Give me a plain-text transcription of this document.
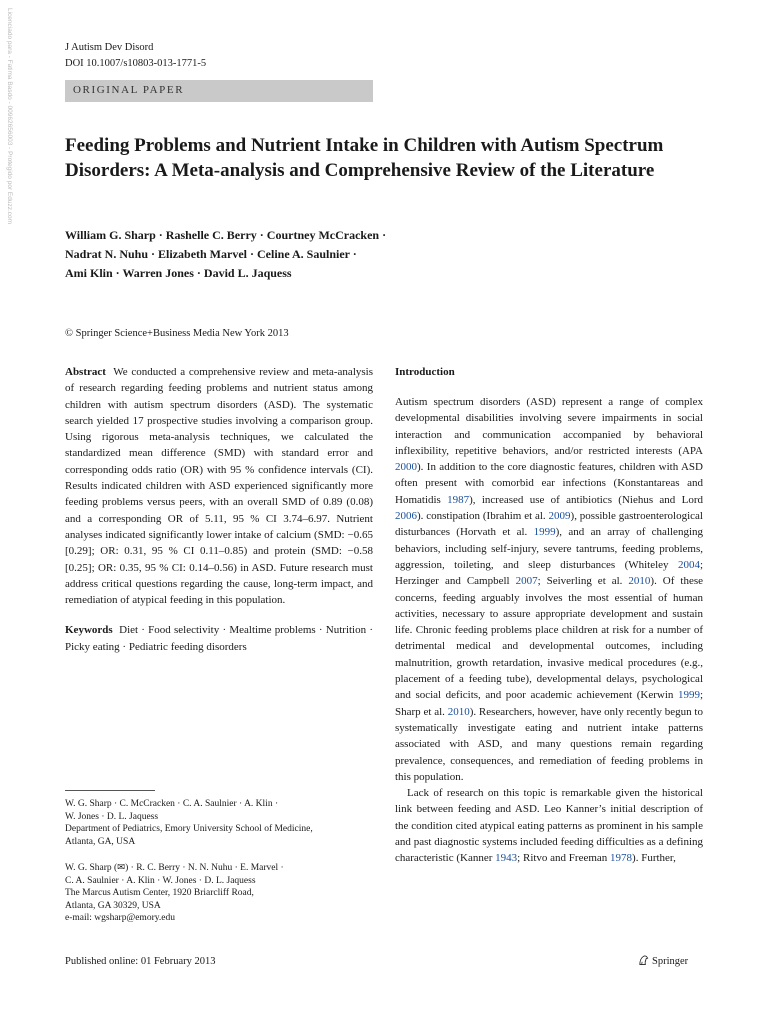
Licenciado para - Fatima Basdo - 00962656003 - Protegido por Eduzz.com	J Autism Dev Disord
DOI 10.1007/s10803-013-1771-5
ORIGINAL PAPER
Feeding Problems and Nutrient Intake in Children with Autism Spectrum Disorders: A Meta-analysis and Comprehensive Review of the Literature
William G. Sharp · Rashelle C. Berry · Courtney McCracken ·
Nadrat N. Nuhu · Elizabeth Marvel · Celine A. Saulnier ·
Ami Klin · Warren Jones · David L. Jaquess
© Springer Science+Business Media New York 2013

Abstract We conducted a comprehensive review and meta-analysis of research regarding feeding problems and nutrient status among children with autism spectrum disorders (ASD). The systematic search yielded 17 prospective studies involving a comparison group. Using rigorous meta-analysis techniques, we calculated the standardized mean difference (SMD) with standard error and corresponding odds ratio (OR) with 95 % confidence intervals (CI). Results indicated children with ASD experienced significantly more feeding problems versus peers, with an overall SMD of 0.89 (0.08) and a corresponding OR of 5.11, 95 % CI 3.74–6.97. Nutrient analyses indicated significantly lower intake of calcium (SMD: −0.65 [0.29]; OR: 0.31, 95 % CI 0.11–0.85) and protein (SMD: −0.58 [0.25]; OR: 0.35, 95 % CI: 0.14–0.56) in ASD. Future research must address critical questions regarding the cause, long-term impact, and remediation of atypical feeding in this population.

Keywords Diet · Food selectivity · Mealtime problems · Nutrition · Picky eating · Pediatric feeding disorders

W. G. Sharp · C. McCracken · C. A. Saulnier · A. Klin ·
W. Jones · D. L. Jaquess
Department of Pediatrics, Emory University School of Medicine,
Atlanta, GA, USA
W. G. Sharp (✉) · R. C. Berry · N. N. Nuhu · E. Marvel ·
C. A. Saulnier · A. Klin · W. Jones · D. L. Jaquess
The Marcus Autism Center, 1920 Briarcliff Road,
Atlanta, GA 30329, USA
e-mail: wgsharp@emory.edu
Introduction

Autism spectrum disorders (ASD) represent a range of complex developmental disabilities involving severe impairments in social interaction and communication accompanied by behavioral inflexibility, repetitive behaviors, and/or restricted interests (APA 2000). In addition to the core diagnostic features, children with ASD often present with comorbid ear infections (Konstantareas and Homatidis 1987), increased use of antibiotics (Niehus and Lord 2006). constipation (Ibrahim et al. 2009), possible gastroenterological disturbances (Horvath et al. 1999), and an array of challenging behaviors, including self-injury, severe tantrums, feeding problems, aggression, toileting, and sleep disturbances (Whiteley 2004; Herzinger and Campbell 2007; Seiverling et al. 2010). Of these concerns, feeding arguably involves the most essential of human activities, necessary to assure appropriate development and sustain life. Chronic feeding problems place children at risk for a number of detrimental medical and developmental outcomes, including malnutrition, growth retardation, invasive medical procedures (e.g., placement of a feeding tube), developmental delays, psychological and social deficits, and poor academic achievement (Kerwin 1999; Sharp et al. 2010). Researchers, however, have only recently begun to systematically investigate eating and nutrient intake patterns associated with ASD, and many questions remain regarding prevalence, consequences, and remediation of feeding problems in this population.

Lack of research on this topic is remarkable given the historical link between feeding and ASD. Leo Kanner’s initial description of the condition cited atypical eating patterns as prominent in his sample and past diagnostic systems included feeding difficulties as a defining characteristic (Kanner 1943; Ritvo and Freeman 1978). Further,

Published online: 01 February 2013	Springer
